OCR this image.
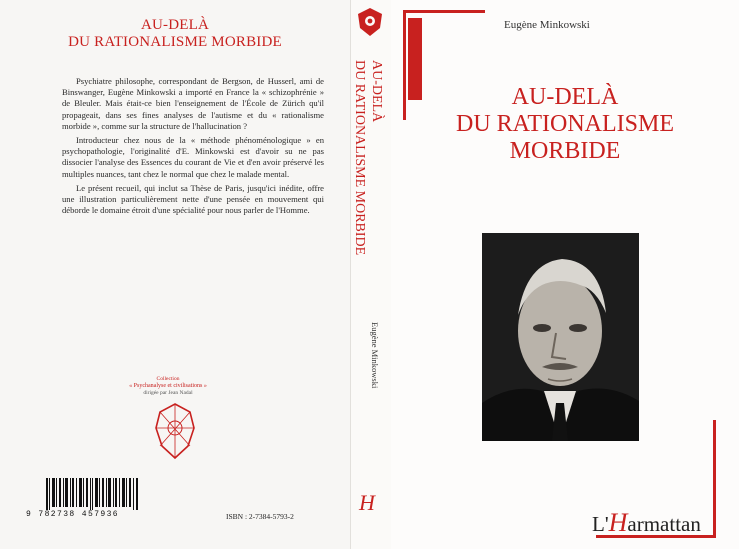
AU-DELÀ
DU RATIONALISME MORBIDE

Psychiatre philosophe, correspondant de Bergson, de Husserl, ami de Binswanger, Eugène Minkowski a importé en France la « schizophrénie » de Bleuler. Mais était-ce bien l'enseignement de l'École de Zürich qu'il propageait, dans ses fines analyses de l'autisme et du « rationalisme morbide », comme sur la structure de l'hallucination ?

Introducteur chez nous de la « méthode phénoménologique » en psychopathologie, l'originalité d'E. Minkowski est d'avoir su ne pas dissocier l'analyse des Essences du courant de Vie et d'en avoir préservé les multiples nuances, tant chez le normal que chez le malade mental.

Le présent recueil, qui inclut sa Thèse de Paris, jusqu'ici inédite, offre une illustration particulièrement nette d'une pensée en mouvement qui déborde le domaine étroit d'une spécialité pour nous parler de l'Homme.

Collection
« Psychanalyse et civilisations »
dirigée par Jean Nadal
9 782738 457936	ISBN : 2-7384-5793-2
AU-DELÀ
DU RATIONALISME MORBIDE
Eugène Minkowski
H
Eugène Minkowski
AU-DELÀ
DU RATIONALISME
MORBIDE
L'Harmattan
